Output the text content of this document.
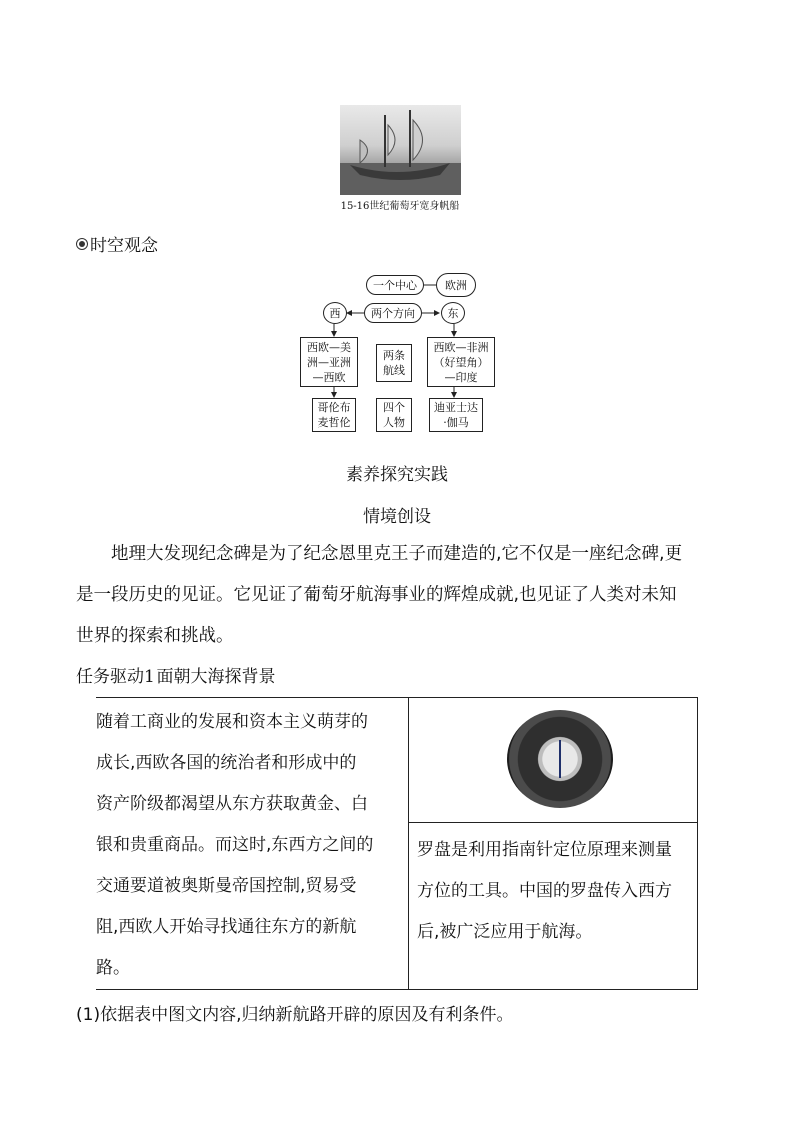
15-16世纪葡萄牙宽身帆船
时空观念
一个中心	欧洲
西	两个方向	东
西欧—美洲—亚洲—西欧
两条航线
西欧—非洲（好望角）—印度
哥伦布麦哲伦
四个人物
迪亚士达·伽马
素养探究实践
情境创设
地理大发现纪念碑是为了纪念恩里克王子而建造的,它不仅是一座纪念碑,更
是一段历史的见证。它见证了葡萄牙航海事业的辉煌成就,也见证了人类对未知
世界的探索和挑战。
任务驱动1  面朝大海探背景
随着工商业的发展和资本主义萌芽的
成长,西欧各国的统治者和形成中的
资产阶级都渴望从东方获取黄金、白
银和贵重商品。而这时,东西方之间的
交通要道被奥斯曼帝国控制,贸易受
阻,西欧人开始寻找通往东方的新航
路。

罗盘是利用指南针定位原理来测量
方位的工具。中国的罗盘传入西方
后,被广泛应用于航海。
(1)依据表中图文内容,归纳新航路开辟的原因及有利条件。
